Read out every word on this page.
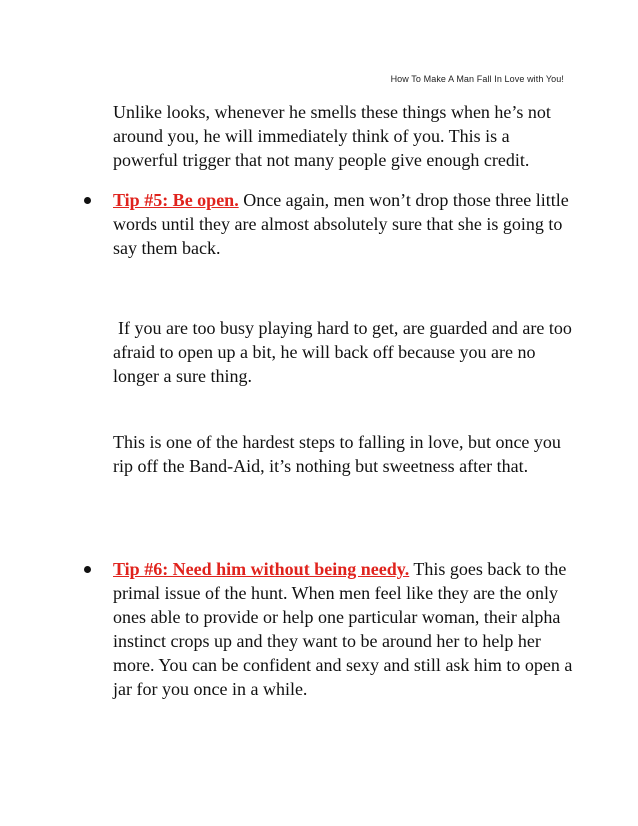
How To Make A Man Fall In Love with You!

Unlike looks, whenever he smells these things when he’s not around you, he will immediately think of you. This is a powerful trigger that not many people give enough credit.

Tip #5: Be open. Once again, men won’t drop those three little words until they are almost absolutely sure that she is going to say them back.

If you are too busy playing hard to get, are guarded and are too afraid to open up a bit, he will back off because you are no longer a sure thing.

This is one of the hardest steps to falling in love, but once you rip off the Band-Aid, it’s nothing but sweetness after that.

Tip #6: Need him without being needy. This goes back to the primal issue of the hunt. When men feel like they are the only ones able to provide or help one particular woman, their alpha instinct crops up and they want to be around her to help her more. You can be confident and sexy and still ask him to open a jar for you once in a while.
